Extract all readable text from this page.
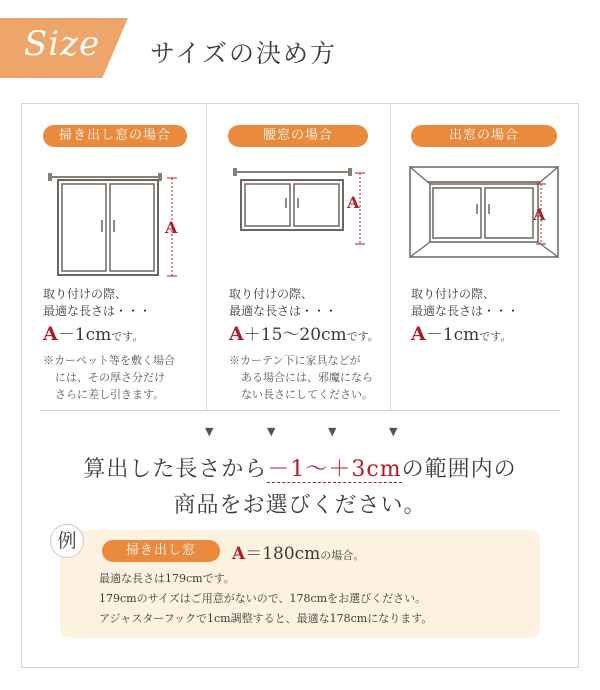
Size サイズの決め方
掃き出し窓の場合
A
取り付けの際、
最適な長さは・・・
A－1cmです。
※カーペット等を敷く場合
には、その厚さ分だけ
さらに差し引きます。
腰窓の場合
A
取り付けの際、
最適な長さは・・・
A＋15～20cmです。
※カーテン下に家具などが
ある場合には、邪魔になら
ない長さにしてください。
出窓の場合
A
取り付けの際、
最適な長さは・・・
A－1cmです。
▼	▼	▼	▼
算出した長さから－1～＋3cmの範囲内の
商品をお選びください。
例	掃き出し窓	A＝180cmの場合。
最適な長さは179cmです。
179cmのサイズはご用意がないので、178cmをお選びください。
アジャスターフックで1cm調整すると、最適な178cmになります。
